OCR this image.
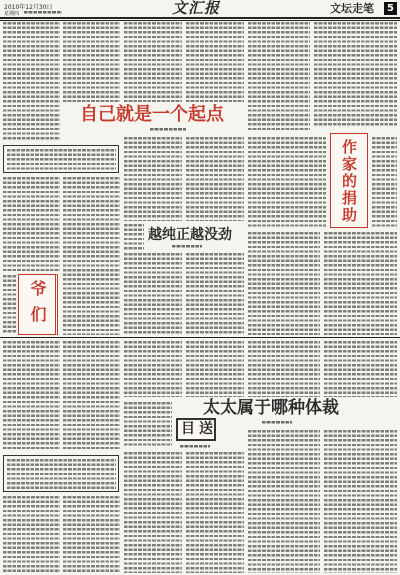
2010年12月30日
星期四	文汇报	文坛走笔	5
自己就是一个起点
作家的捐助
爷们
越纯正越没劲
太太属于哪种体裁
目送
